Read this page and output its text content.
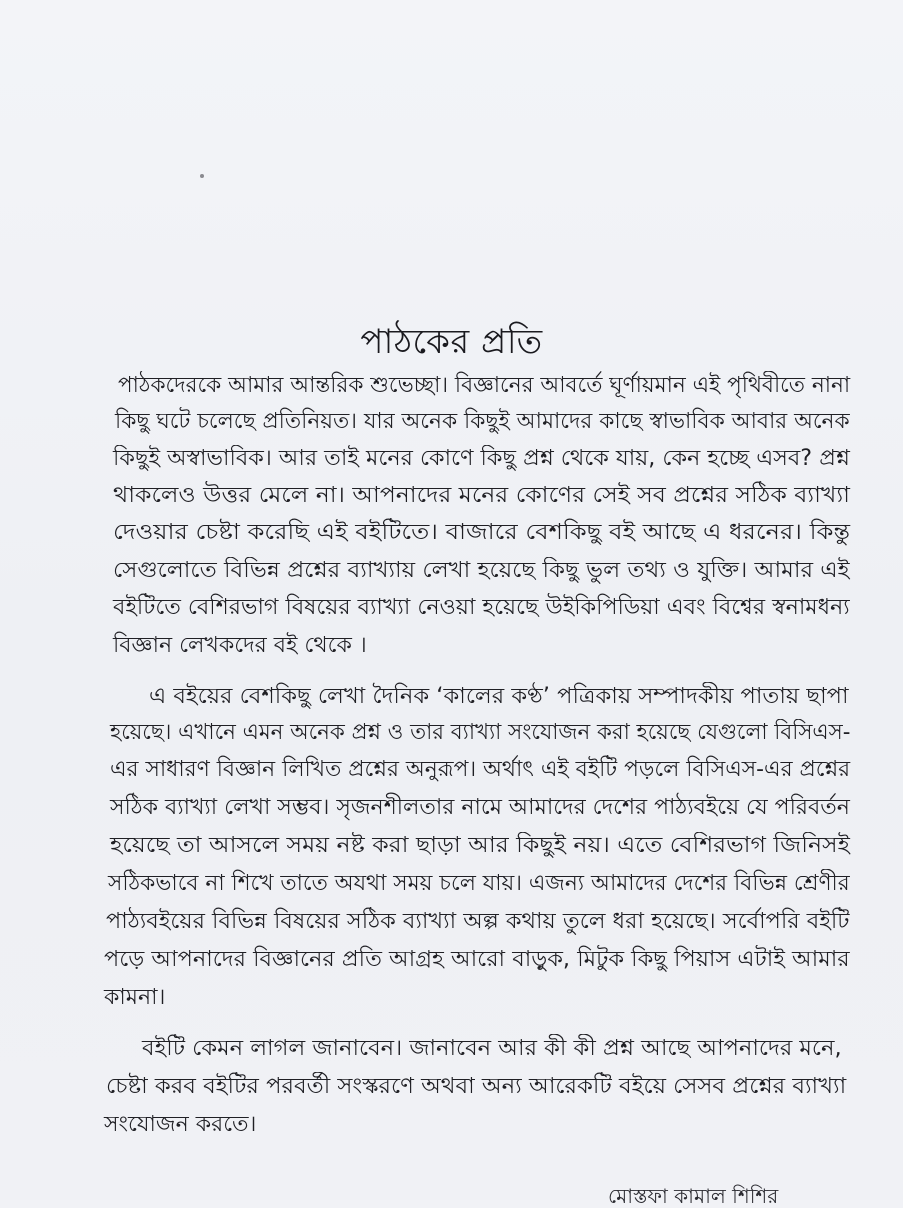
পাঠকের প্রতি
পাঠকদেরকে আমার আন্তরিক শুভেচ্ছা। বিজ্ঞানের আবর্তে ঘূর্ণায়মান এই পৃথিবীতে নানা
কিছু ঘটে চলেছে প্রতিনিয়ত। যার অনেক কিছুই আমাদের কাছে স্বাভাবিক আবার অনেক
কিছুই অস্বাভাবিক। আর তাই মনের কোণে কিছু প্রশ্ন থেকে যায়, কেন হচ্ছে এসব? প্রশ্ন
থাকলেও উত্তর মেলে না। আপনাদের মনের কোণের সেই সব প্রশ্নের সঠিক ব্যাখ্যা
দেওয়ার চেষ্টা করেছি এই বইটিতে। বাজারে বেশকিছু বই আছে এ ধরনের। কিন্তু
সেগুলোতে বিভিন্ন প্রশ্নের ব্যাখ্যায় লেখা হয়েছে কিছু ভুল তথ্য ও যুক্তি। আমার এই
বইটিতে বেশিরভাগ বিষয়ের ব্যাখ্যা নেওয়া হয়েছে উইকিপিডিয়া এবং বিশ্বের স্বনামধন্য
বিজ্ঞান লেখকদের বই থেকে ।
এ বইয়ের বেশকিছু লেখা দৈনিক ‘কালের কণ্ঠ’ পত্রিকায় সম্পাদকীয় পাতায় ছাপা
হয়েছে। এখানে এমন অনেক প্রশ্ন ও তার ব্যাখ্যা সংযোজন করা হয়েছে যেগুলো বিসিএস-
এর সাধারণ বিজ্ঞান লিখিত প্রশ্নের অনুরূপ। অর্থাৎ এই বইটি পড়লে বিসিএস-এর প্রশ্নের
সঠিক ব্যাখ্যা লেখা সম্ভব। সৃজনশীলতার নামে আমাদের দেশের পাঠ্যবইয়ে যে পরিবর্তন
হয়েছে তা আসলে সময় নষ্ট করা ছাড়া আর কিছুই নয়। এতে বেশিরভাগ জিনিসই
সঠিকভাবে না শিখে তাতে অযথা সময় চলে যায়। এজন্য আমাদের দেশের বিভিন্ন শ্রেণীর
পাঠ্যবইয়ের বিভিন্ন বিষয়ের সঠিক ব্যাখ্যা অল্প কথায় তুলে ধরা হয়েছে। সর্বোপরি বইটি
পড়ে আপনাদের বিজ্ঞানের প্রতি আগ্রহ আরো বাড়ুক, মিটুক কিছু পিয়াস এটাই আমার
কামনা।
বইটি কেমন লাগল জানাবেন। জানাবেন আর কী কী প্রশ্ন আছে আপনাদের মনে,
চেষ্টা করব বইটির পরবর্তী সংস্করণে অথবা অন্য আরেকটি বইয়ে সেসব প্রশ্নের ব্যাখ্যা
সংযোজন করতে।
মোস্তফা কামাল শিশির
